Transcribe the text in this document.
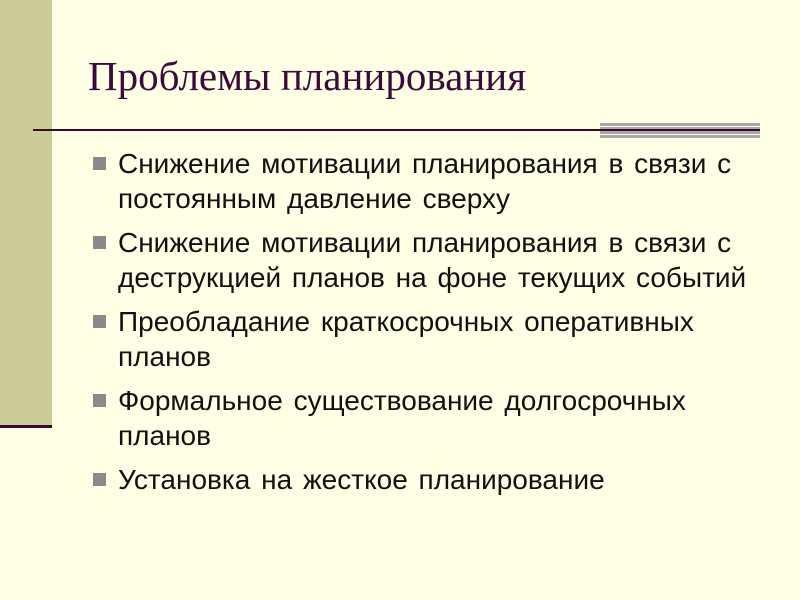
Проблемы планирования
Снижение мотивации планирования в связи с постоянным давление сверху
Снижение мотивации планирования в связи с деструкцией планов на фоне текущих событий
Преобладание краткосрочных оперативных планов
Формальное существование долгосрочных планов
Установка на жесткое планирование
